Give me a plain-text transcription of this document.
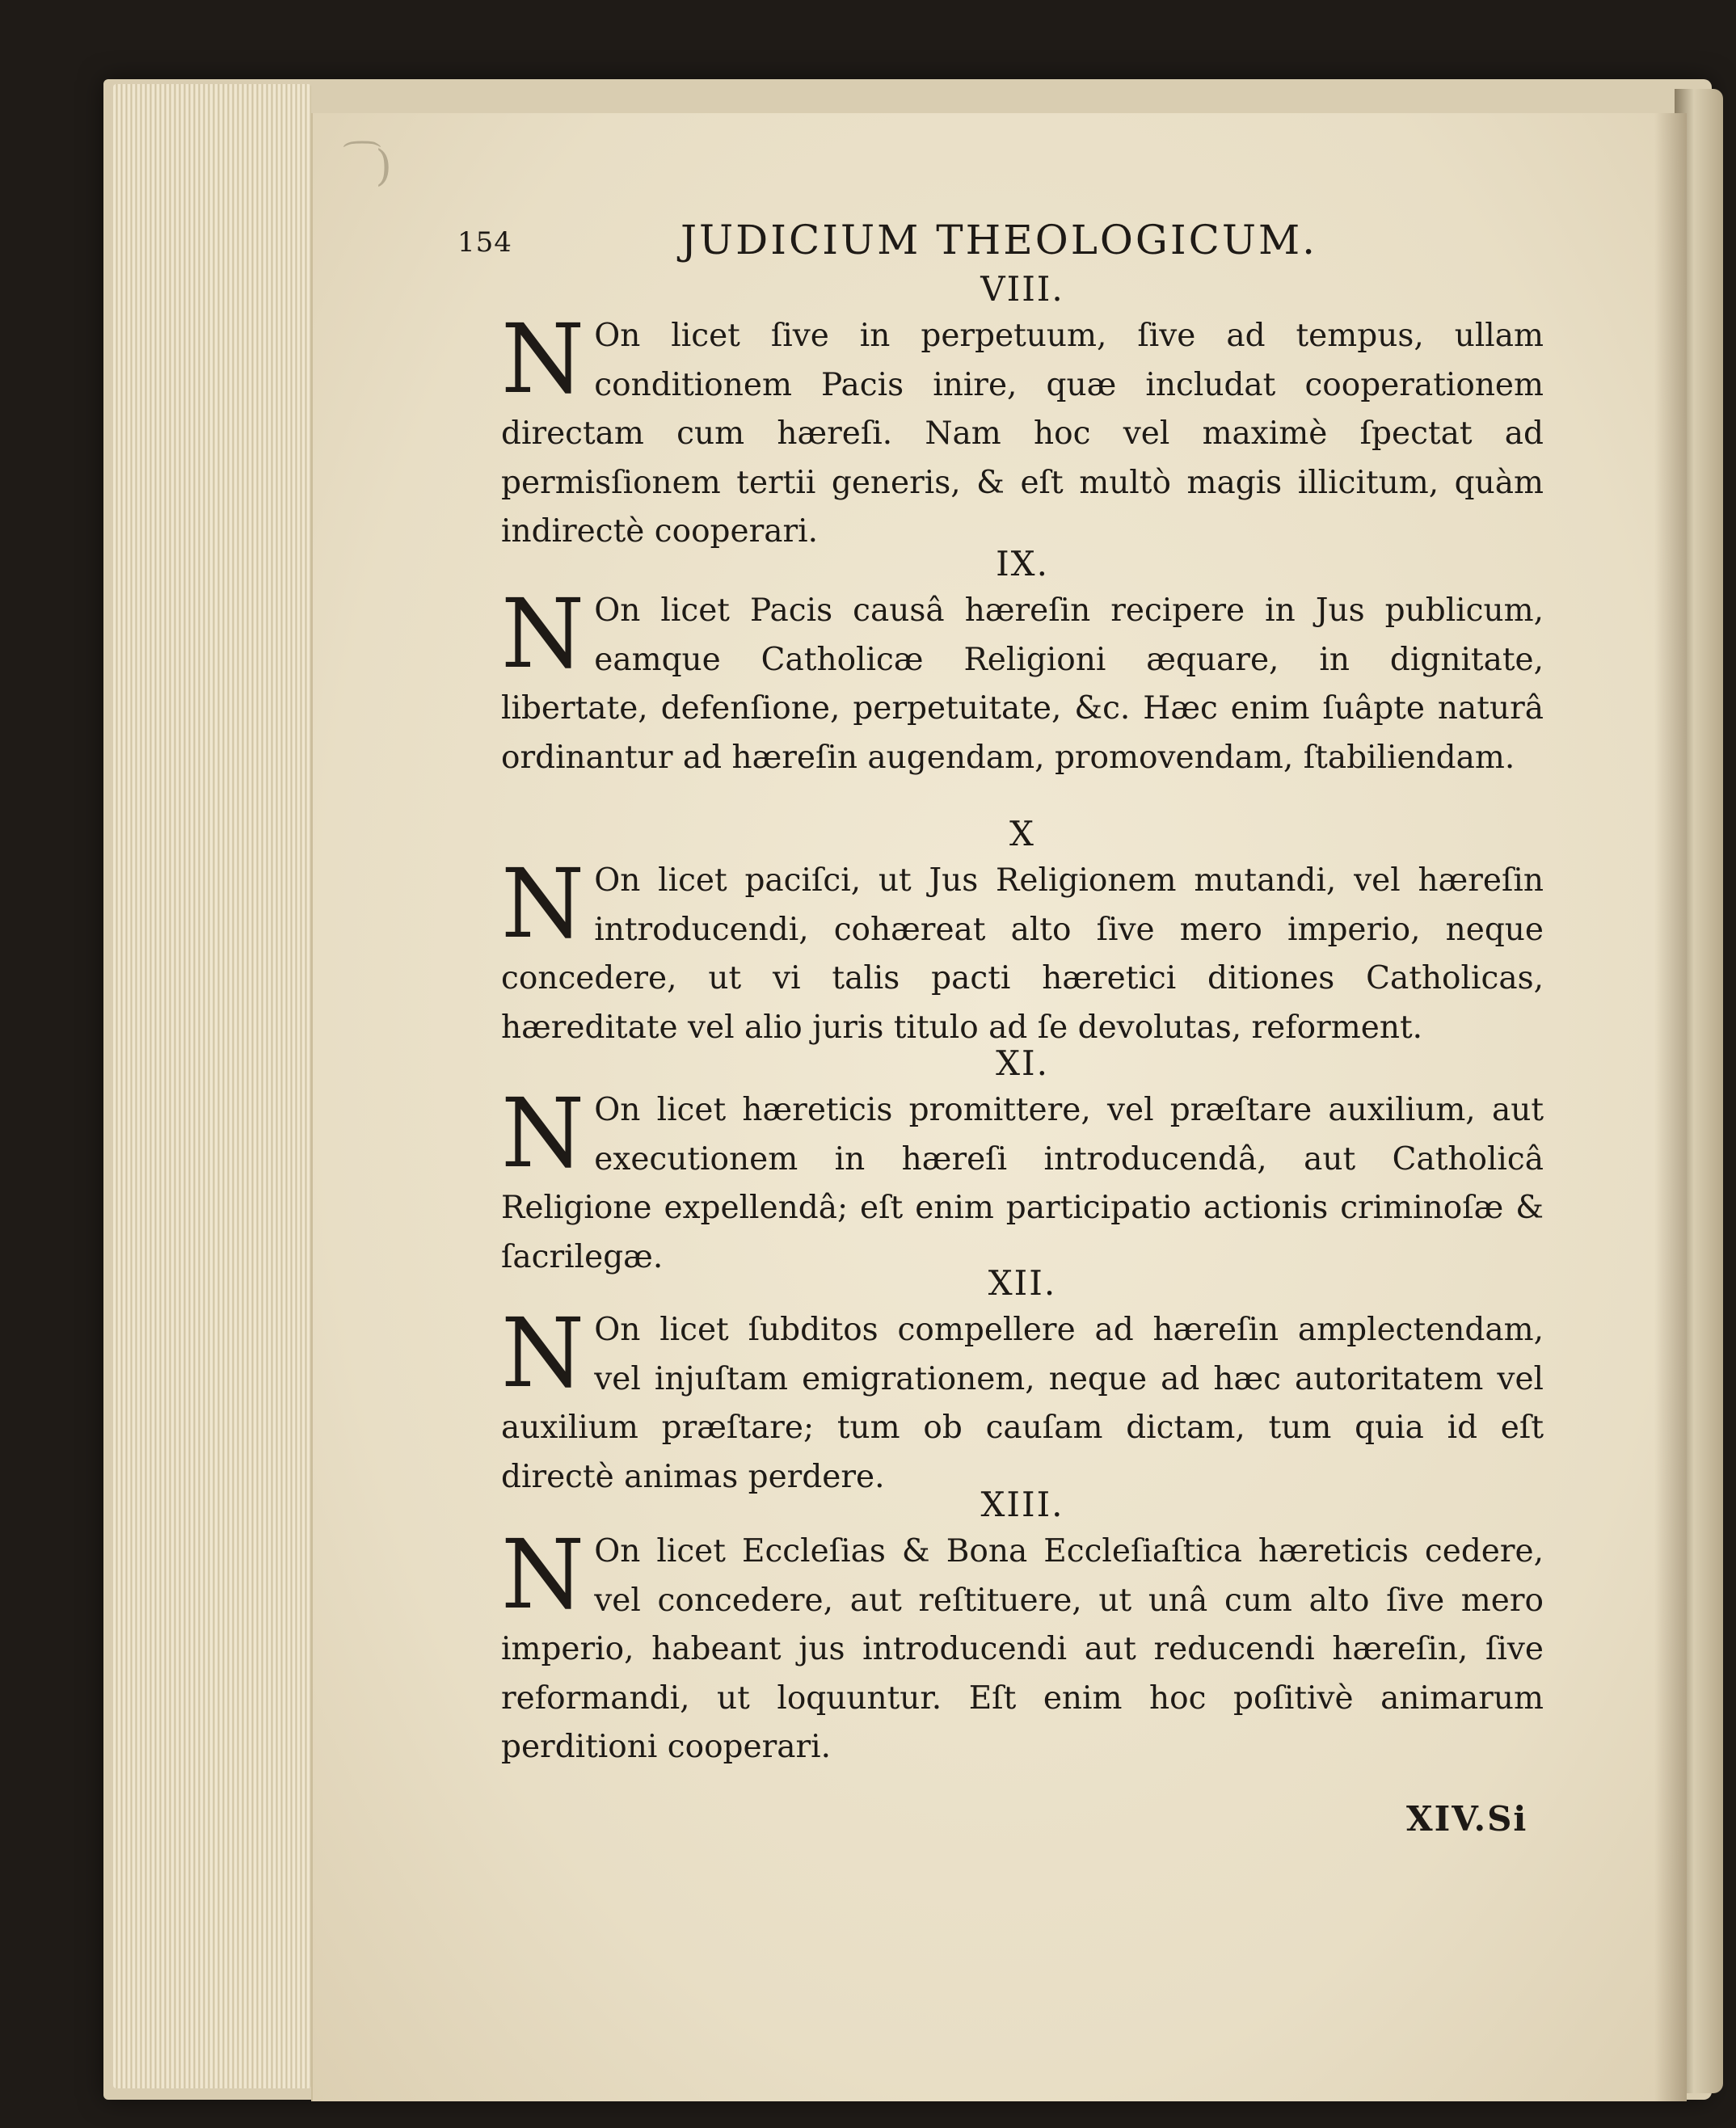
͡ )
154	JUDICIUM THEOLOGICUM.
VIII.
N On licet ſive in perpetuum, ſive ad tempus, ullam conditionem Pacis inire, quæ includat cooperationem directam cum hæreſi. Nam hoc vel maximè ſpectat ad permisſionem tertii generis, & eſt multò magis illicitum, quàm indirectè cooperari.
IX.
N On licet Pacis causâ hæreſin recipere in Jus publicum, eamque Catholicæ Religioni æquare, in dignitate, libertate, defenſione, perpetuitate, &c. Hæc enim ſuâpte naturâ ordinantur ad hæreſin augendam, promovendam, ſtabiliendam.
X
N On licet paciſci, ut Jus Religionem mutandi, vel hæreſin introducendi, cohæreat alto ſive mero imperio, neque concedere, ut vi talis pacti hæretici ditiones Catholicas, hæreditate vel alio juris titulo ad ſe devolutas, reforment.
XI.
N On licet hæreticis promittere, vel præſtare auxilium, aut executionem in hæreſi introducendâ, aut Catholicâ Religione expellendâ; eſt enim participatio actionis criminoſæ & ſacrilegæ.
XII.
N On licet ſubditos compellere ad hæreſin amplectendam, vel injuſtam emigrationem, neque ad hæc autoritatem vel auxilium præſtare; tum ob cauſam dictam, tum quia id eſt directè animas perdere.
XIII.
N On licet Eccleſias & Bona Eccleſiaſtica hæreticis cedere, vel concedere, aut reſtituere, ut unâ cum alto ſive mero imperio, habeant jus introducendi aut reducendi hæreſin, ſive reformandi, ut loquuntur. Eſt enim hoc poſitivè animarum perditioni cooperari.
XIV.Si
